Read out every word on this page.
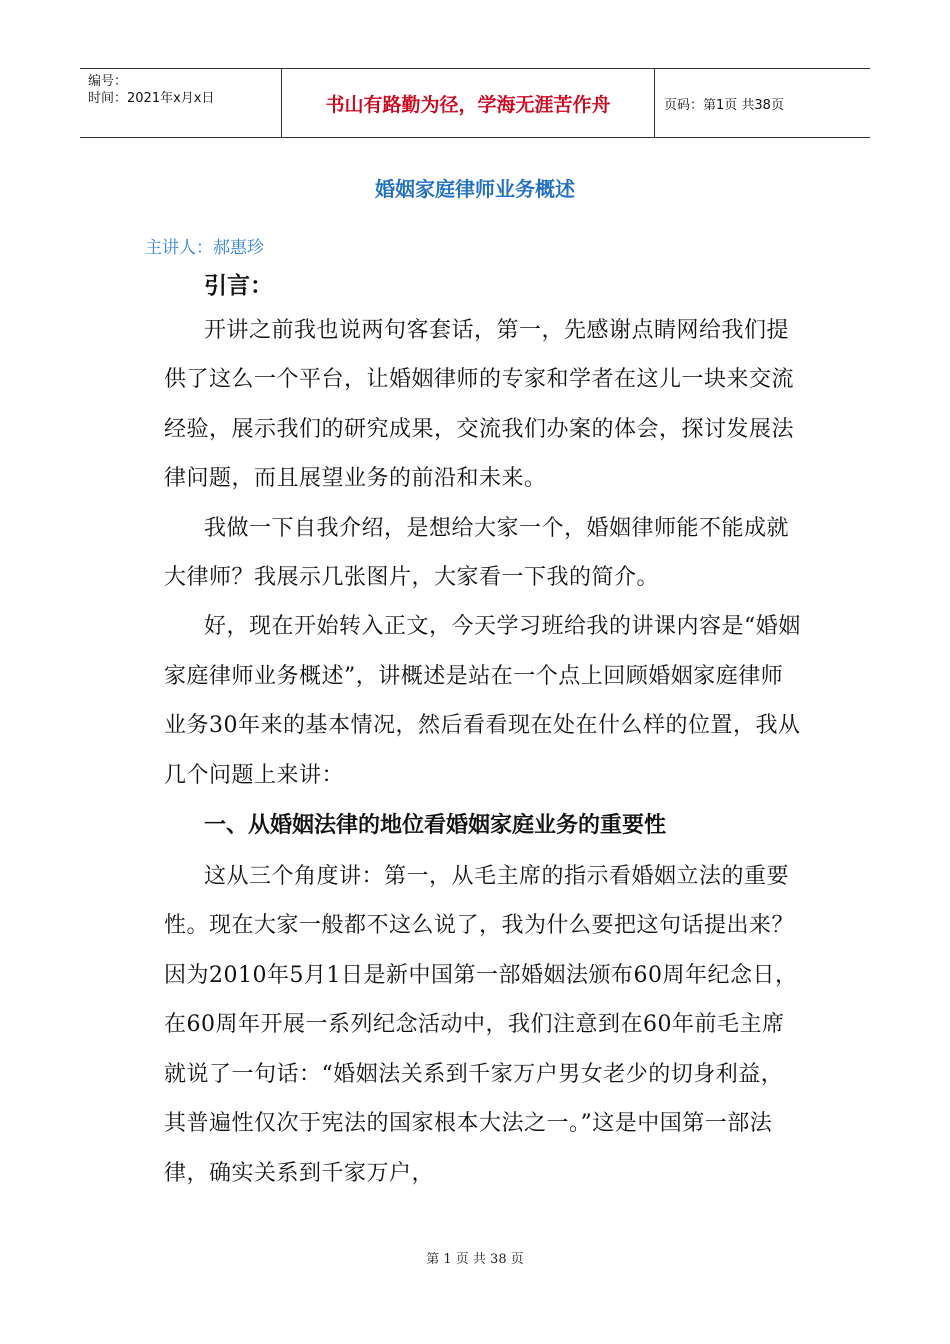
编号：
时间：2021年x月x日	书山有路勤为径，学海无涯苦作舟	页码：第1页 共38页
婚姻家庭律师业务概述
主讲人：郝惠珍
引言：

开讲之前我也说两句客套话，第一，先感谢点睛网给我们提供了这么一个平台，让婚姻律师的专家和学者在这儿一块来交流经验，展示我们的研究成果，交流我们办案的体会，探讨发展法律问题，而且展望业务的前沿和未来。

我做一下自我介绍，是想给大家一个，婚姻律师能不能成就大律师？我展示几张图片，大家看一下我的简介。

好，现在开始转入正文，今天学习班给我的讲课内容是“婚姻家庭律师业务概述”，讲概述是站在一个点上回顾婚姻家庭律师业务30年来的基本情况，然后看看现在处在什么样的位置，我从几个问题上来讲：

一、从婚姻法律的地位看婚姻家庭业务的重要性

这从三个角度讲：第一，从毛主席的指示看婚姻立法的重要性。现在大家一般都不这么说了，我为什么要把这句话提出来？因为2010年5月1日是新中国第一部婚姻法颁布60周年纪念日，在60周年开展一系列纪念活动中，我们注意到在60年前毛主席就说了一句话：“婚姻法关系到千家万户男女老少的切身利益，其普遍性仅次于宪法的国家根本大法之一。”这是中国第一部法律，确实关系到千家万户，

第 1 页 共 38 页
